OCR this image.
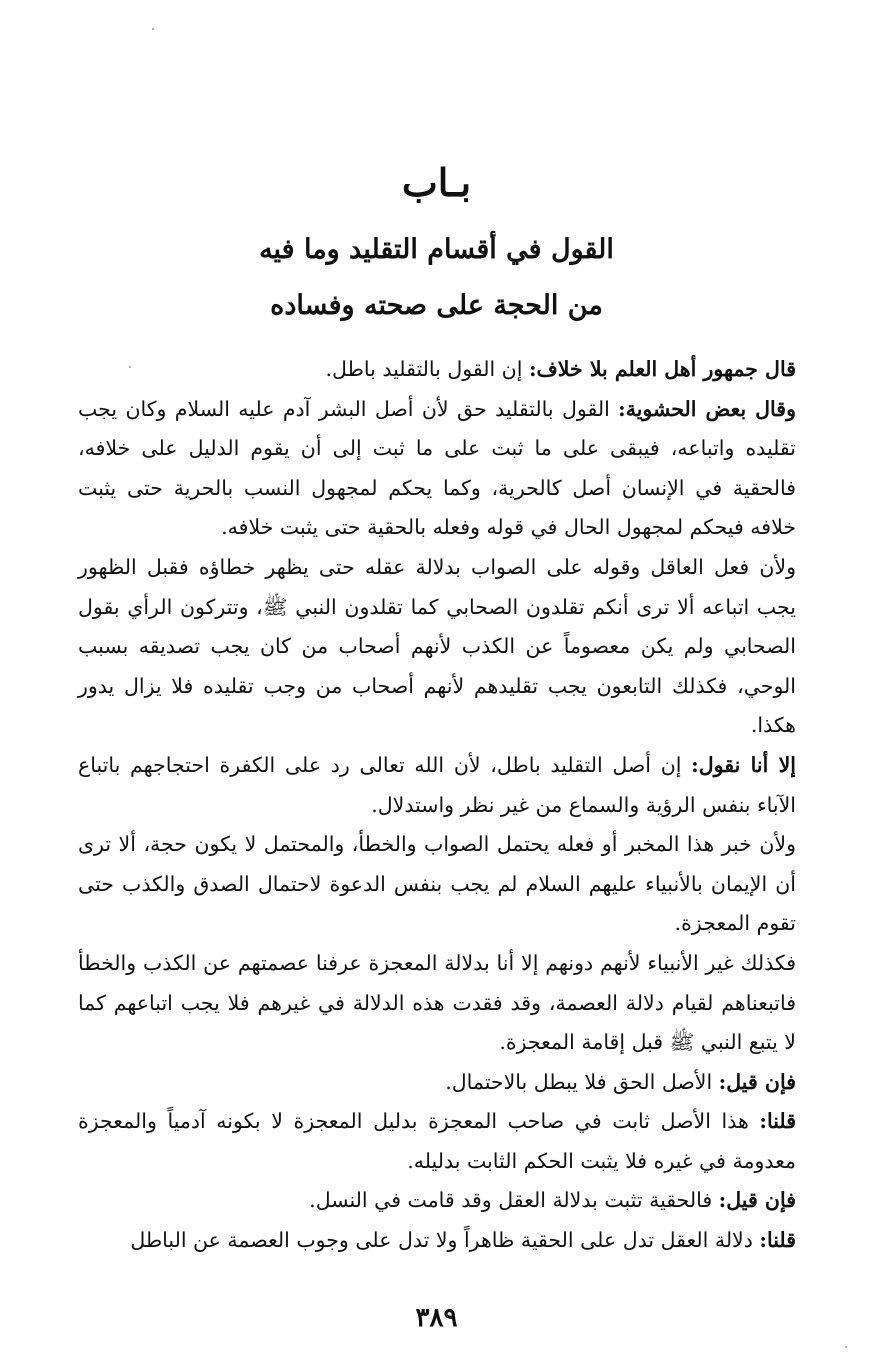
بـاب
القول في أقسام التقليد وما فيه
من الحجة على صحته وفساده

قال جمهور أهل العلم بلا خلاف: إن القول بالتقليد باطل.

وقال بعض الحشوية: القول بالتقليد حق لأن أصل البشر آدم عليه السلام وكان يجب تقليده واتباعه، فيبقى على ما ثبت على ما ثبت إلى أن يقوم الدليل على خلافه، فالحقية في الإنسان أصل كالحرية، وكما يحكم لمجهول النسب بالحرية حتى يثبت خلافه فيحكم لمجهول الحال في قوله وفعله بالحقية حتى يثبت خلافه.

ولأن فعل العاقل وقوله على الصواب بدلالة عقله حتى يظهر خطاؤه فقبل الظهور يجب اتباعه ألا ترى أنكم تقلدون الصحابي كما تقلدون النبي ﷺ، وتتركون الرأي بقول الصحابي ولم يكن معصوماً عن الكذب لأنهم أصحاب من كان يجب تصديقه بسبب الوحي، فكذلك التابعون يجب تقليدهم لأنهم أصحاب من وجب تقليده فلا يزال يدور هكذا.

إلا أنا نقول: إن أصل التقليد باطل، لأن الله تعالى رد على الكفرة احتجاجهم باتباع الآباء بنفس الرؤية والسماع من غير نظر واستدلال.

ولأن خبر هذا المخبر أو فعله يحتمل الصواب والخطأ، والمحتمل لا يكون حجة، ألا ترى أن الإيمان بالأنبياء عليهم السلام لم يجب بنفس الدعوة لاحتمال الصدق والكذب حتى تقوم المعجزة.

فكذلك غير الأنبياء لأنهم دونهم إلا أنا بدلالة المعجزة عرفنا عصمتهم عن الكذب والخطأ فاتبعناهم لقيام دلالة العصمة، وقد فقدت هذه الدلالة في غيرهم فلا يجب اتباعهم كما لا يتبع النبي ﷺ قبل إقامة المعجزة.

فإن قيل: الأصل الحق فلا يبطل بالاحتمال.

قلنا: هذا الأصل ثابت في صاحب المعجزة بدليل المعجزة لا بكونه آدمياً والمعجزة معدومة في غيره فلا يثبت الحكم الثابت بدليله.

فإن قيل: فالحقية تثبت بدلالة العقل وقد قامت في النسل.

قلنا: دلالة العقل تدل على الحقية ظاهراً ولا تدل على وجوب العصمة عن الباطل

٣٨٩
